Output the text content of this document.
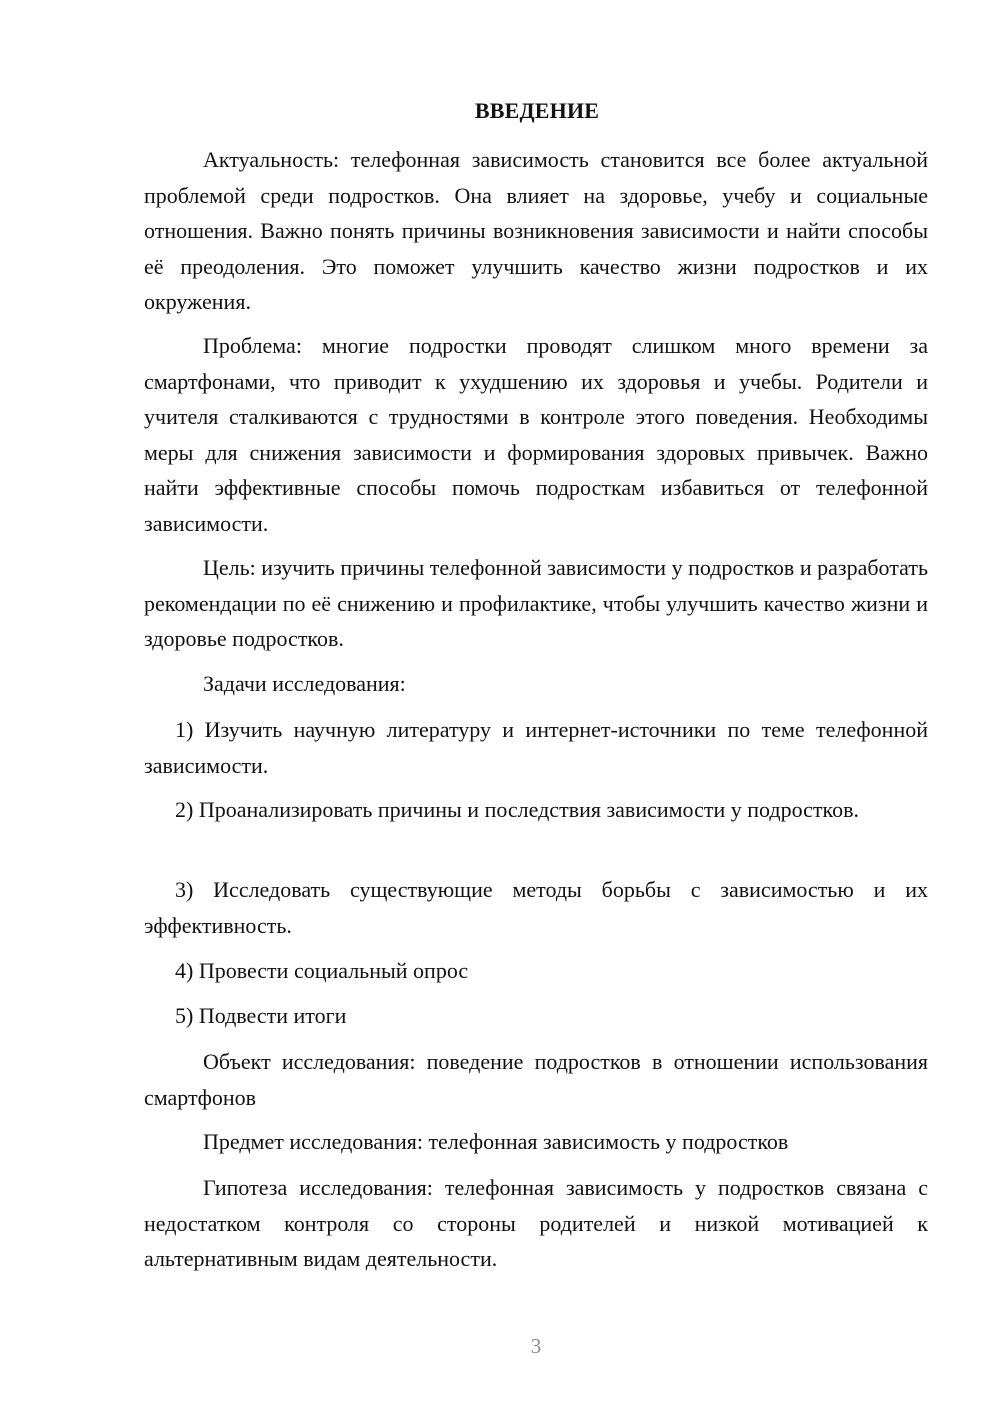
ВВЕДЕНИЕ

Актуальность: телефонная зависимость становится все более актуальной проблемой среди подростков. Она влияет на здоровье, учебу и социальные отношения. Важно понять причины возникновения зависимости и найти способы её преодоления. Это поможет улучшить качество жизни подростков и их окружения.

Проблема: многие подростки проводят слишком много времени за смартфонами, что приводит к ухудшению их здоровья и учебы. Родители и учителя сталкиваются с трудностями в контроле этого поведения. Необходимы меры для снижения зависимости и формирования здоровых привычек. Важно найти эффективные способы помочь подросткам избавиться от телефонной зависимости.

Цель: изучить причины телефонной зависимости у подростков и разработать рекомендации по её снижению и профилактике, чтобы улучшить качество жизни и здоровье подростков.

Задачи исследования:

1) Изучить научную литературу и интернет-источники по теме телефонной зависимости.

2) Проанализировать причины и последствия зависимости у подростков.

3) Исследовать существующие методы борьбы с зависимостью и их эффективность.

4) Провести социальный опрос

5) Подвести итоги

Объект исследования: поведение подростков в отношении использования смартфонов

Предмет исследования: телефонная зависимость у подростков

Гипотеза исследования: телефонная зависимость у подростков связана с недостатком контроля со стороны родителей и низкой мотивацией к альтернативным видам деятельности.

3
